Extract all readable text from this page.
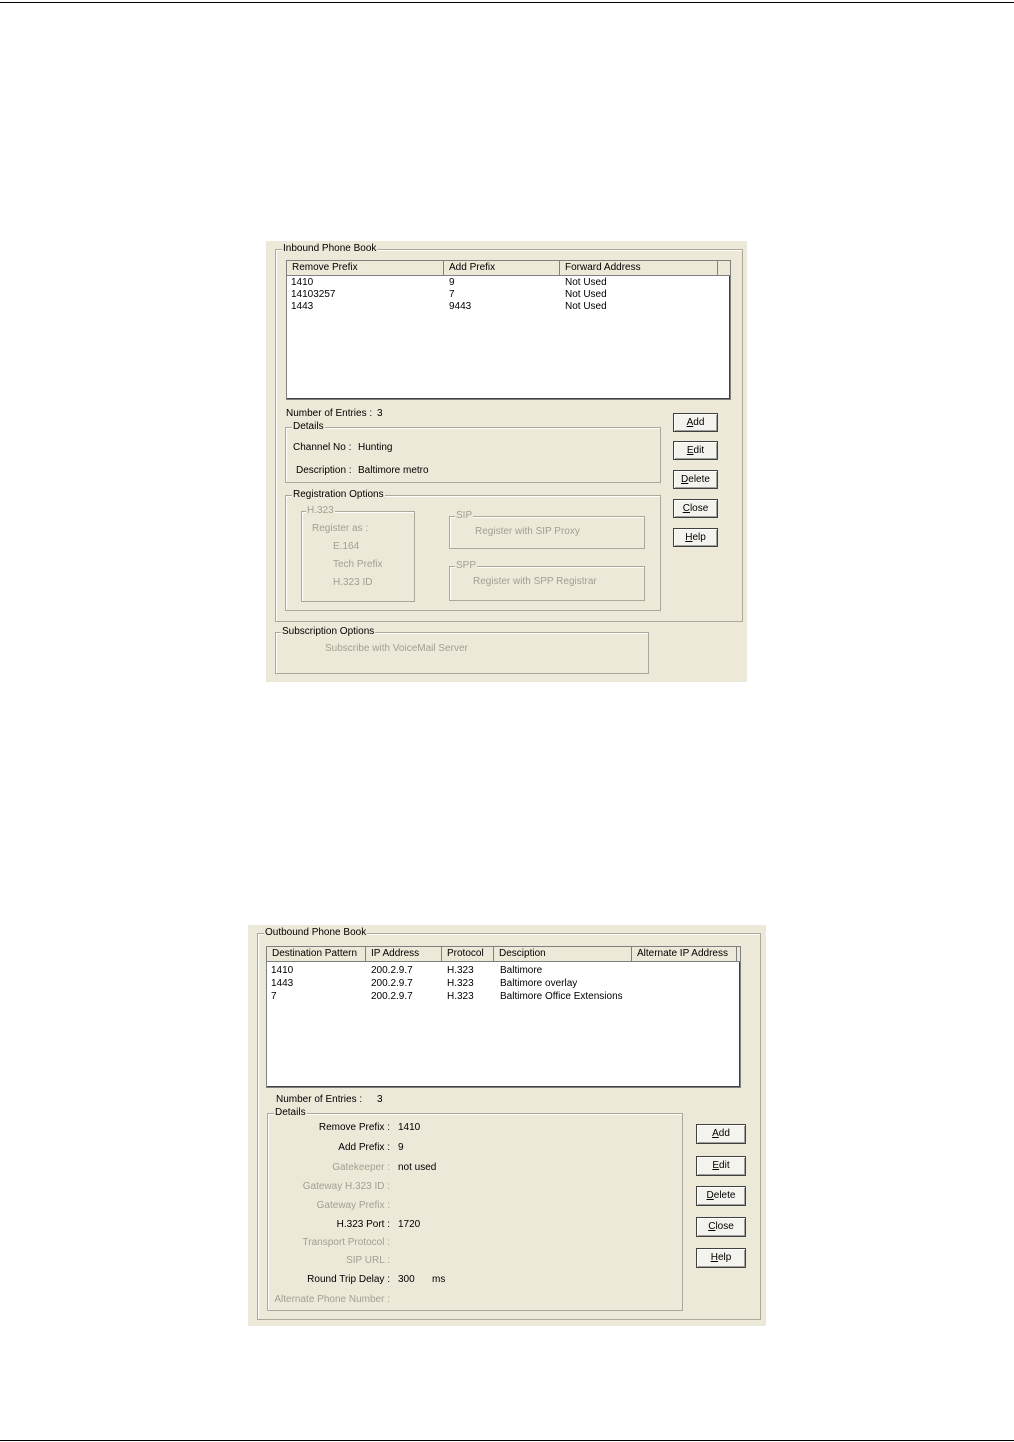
Inbound Phone Book
Remove Prefix	Add Prefix	Forward Address
1410	9	Not Used
14103257	7	Not Used
1443	9443	Not Used
Number of Entries : 3
Details
Channel No : Hunting
Description : Baltimore metro
Registration Options
H.323
Register as :
E.164
Tech Prefix
H.323 ID
SIP
Register with SIP Proxy
SPP
Register with SPP Registrar
Add
Edit
Delete
Close
Help
Subscription Options
Subscribe with VoiceMail Server
Outbound Phone Book
Destination Pattern	IP Address	Protocol	Desciption	Alternate IP Address
1410	200.2.9.7	H.323	Baltimore
1443	200.2.9.7	H.323	Baltimore overlay
7	200.2.9.7	H.323	Baltimore Office Extensions
Number of Entries : 3
Details
Remove Prefix : 1410
Add Prefix : 9
Gatekeeper : not used
Gateway H.323 ID :
Gateway Prefix :
H.323 Port : 1720
Transport Protocol :
SIP URL :
Round Trip Delay : 300 ms
Alternate Phone Number :
Add
Edit
Delete
Close
Help
